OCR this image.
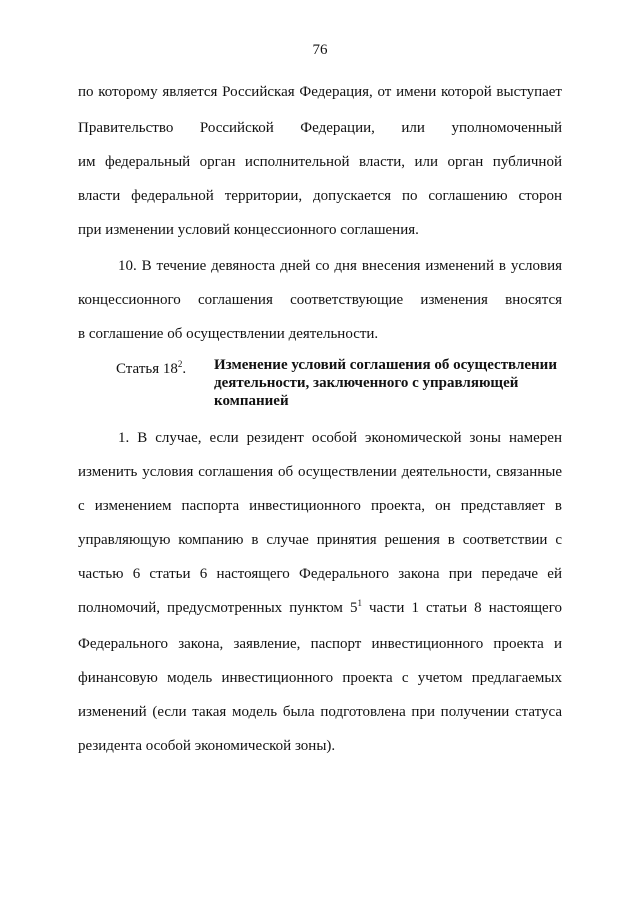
76
по которому является Российская Федерация, от имени которой выступает
Правительство Российской Федерации, или уполномоченный
им федеральный орган исполнительной власти, или орган публичной
власти федеральной территории, допускается по соглашению сторон
при изменении условий концессионного соглашения.
10. В течение девяноста дней со дня внесения изменений в условия
концессионного соглашения соответствующие изменения вносятся
в соглашение об осуществлении деятельности.
Статья $18^2$. Изменение условий соглашения об осуществлении
деятельности, заключенного с управляющей
компанией
1. В случае, если резидент особой экономической зоны намерен
изменить условия соглашения об осуществлении деятельности, связанные
с изменением паспорта инвестиционного проекта, он представляет в
управляющую компанию в случае принятия решения в соответствии с
частью 6 статьи 6 настоящего Федерального закона при передаче ей
полномочий, предусмотренных пунктом $5^1$ части 1 статьи 8 настоящего
Федерального закона, заявление, паспорт инвестиционного проекта и
финансовую модель инвестиционного проекта с учетом предлагаемых
изменений (если такая модель была подготовлена при получении статуса
резидента особой экономической зоны).
